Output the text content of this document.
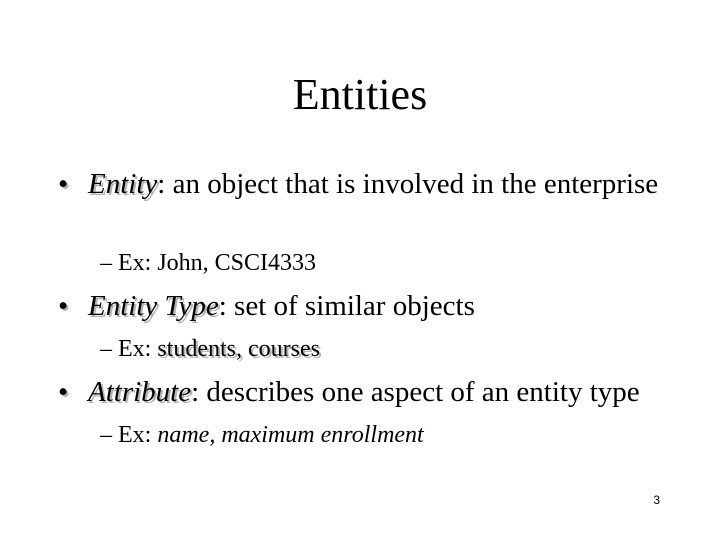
Entities
• Entity: an object that is involved in the enterprise
– Ex: John, CSCI4333
• Entity Type: set of similar objects
– Ex: students, courses
• Attribute: describes one aspect of an entity type
– Ex: name, maximum enrollment
3
